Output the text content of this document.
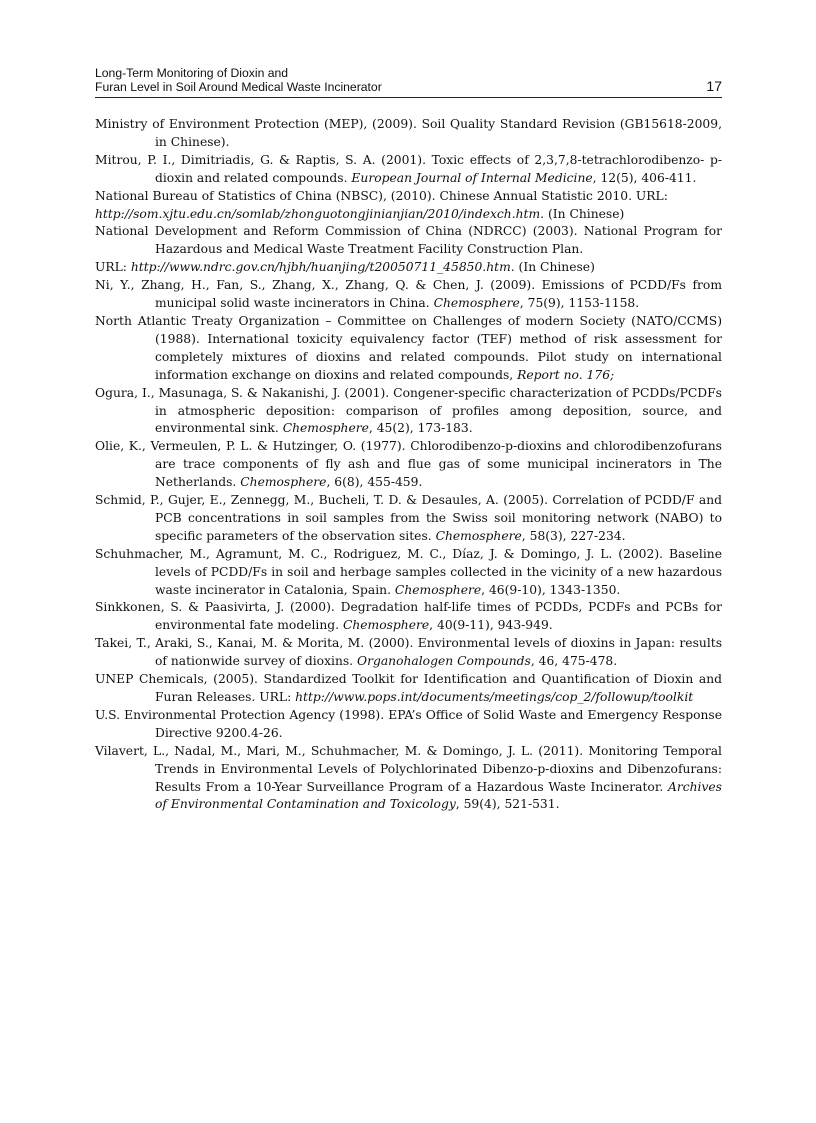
Long-Term Monitoring of Dioxin and
Furan Level in Soil Around Medical Waste Incinerator	17
Ministry of Environment Protection (MEP), (2009). Soil Quality Standard Revision (GB15618-2009, in Chinese).
Mitrou, P. I., Dimitriadis, G. & Raptis, S. A. (2001). Toxic effects of 2,3,7,8-tetrachlorodibenzo- p-dioxin and related compounds. European Journal of Internal Medicine, 12(5), 406-411.
National Bureau of Statistics of China (NBSC), (2010). Chinese Annual Statistic 2010. URL:
http://som.xjtu.edu.cn/somlab/zhonguotongjinianjian/2010/indexch.htm. (In Chinese)
National Development and Reform Commission of China (NDRCC) (2003). National Program for Hazardous and Medical Waste Treatment Facility Construction Plan.
URL: http://www.ndrc.gov.cn/hjbh/huanjing/t20050711_45850.htm. (In Chinese)
Ni, Y., Zhang, H., Fan, S., Zhang, X., Zhang, Q. & Chen, J. (2009). Emissions of PCDD/Fs from municipal solid waste incinerators in China. Chemosphere, 75(9), 1153-1158.
North Atlantic Treaty Organization – Committee on Challenges of modern Society (NATO/CCMS) (1988). International toxicity equivalency factor (TEF) method of risk assessment for completely mixtures of dioxins and related compounds. Pilot study on international information exchange on dioxins and related compounds, Report no. 176;
Ogura, I., Masunaga, S. & Nakanishi, J. (2001). Congener-specific characterization of PCDDs/PCDFs in atmospheric deposition: comparison of profiles among deposition, source, and environmental sink. Chemosphere, 45(2), 173-183.
Olie, K., Vermeulen, P. L. & Hutzinger, O. (1977). Chlorodibenzo-p-dioxins and chlorodibenzofurans are trace components of fly ash and flue gas of some municipal incinerators in The Netherlands. Chemosphere, 6(8), 455-459.
Schmid, P., Gujer, E., Zennegg, M., Bucheli, T. D. & Desaules, A. (2005). Correlation of PCDD/F and PCB concentrations in soil samples from the Swiss soil monitoring network (NABO) to specific parameters of the observation sites. Chemosphere, 58(3), 227-234.
Schuhmacher, M., Agramunt, M. C., Rodriguez, M. C., Díaz, J. & Domingo, J. L. (2002). Baseline levels of PCDD/Fs in soil and herbage samples collected in the vicinity of a new hazardous waste incinerator in Catalonia, Spain. Chemosphere, 46(9-10), 1343-1350.
Sinkkonen, S. & Paasivirta, J. (2000). Degradation half-life times of PCDDs, PCDFs and PCBs for environmental fate modeling. Chemosphere, 40(9-11), 943-949.
Takei, T., Araki, S., Kanai, M. & Morita, M. (2000). Environmental levels of dioxins in Japan: results of nationwide survey of dioxins. Organohalogen Compounds, 46, 475-478.
UNEP Chemicals, (2005). Standardized Toolkit for Identification and Quantification of Dioxin and Furan Releases. URL: http://www.pops.int/documents/meetings/cop_2/followup/toolkit
U.S. Environmental Protection Agency (1998). EPA’s Office of Solid Waste and Emergency Response Directive 9200.4-26.
Vilavert, L., Nadal, M., Mari, M., Schuhmacher, M. & Domingo, J. L. (2011). Monitoring Temporal Trends in Environmental Levels of Polychlorinated Dibenzo-p-dioxins and Dibenzofurans: Results From a 10-Year Surveillance Program of a Hazardous Waste Incinerator. Archives of Environmental Contamination and Toxicology, 59(4), 521-531.
